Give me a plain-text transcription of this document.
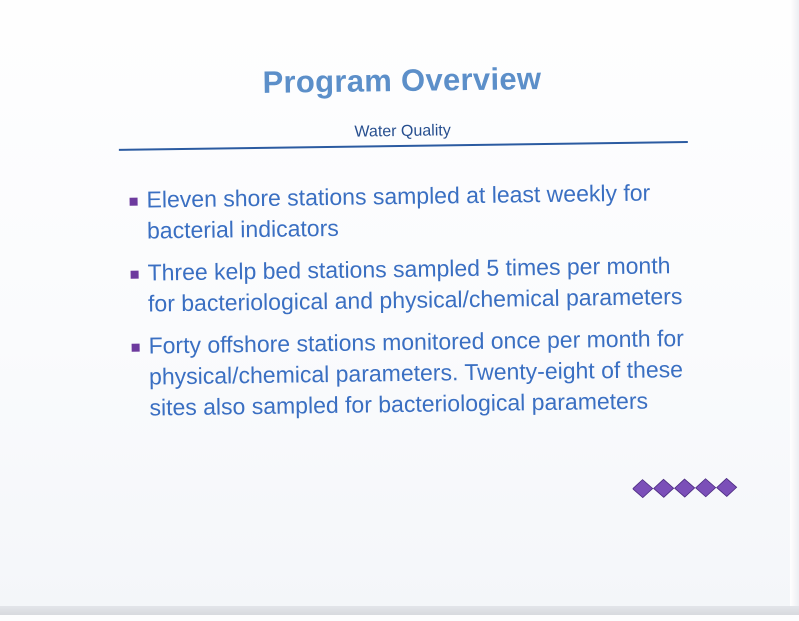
Program Overview
Water Quality
Eleven shore stations sampled at least weekly for bacterial indicators
Three kelp bed stations sampled 5 times per month for bacteriological and physical/chemical parameters
Forty offshore stations monitored once per month for physical/chemical parameters. Twenty-eight of these sites also sampled for bacteriological parameters
